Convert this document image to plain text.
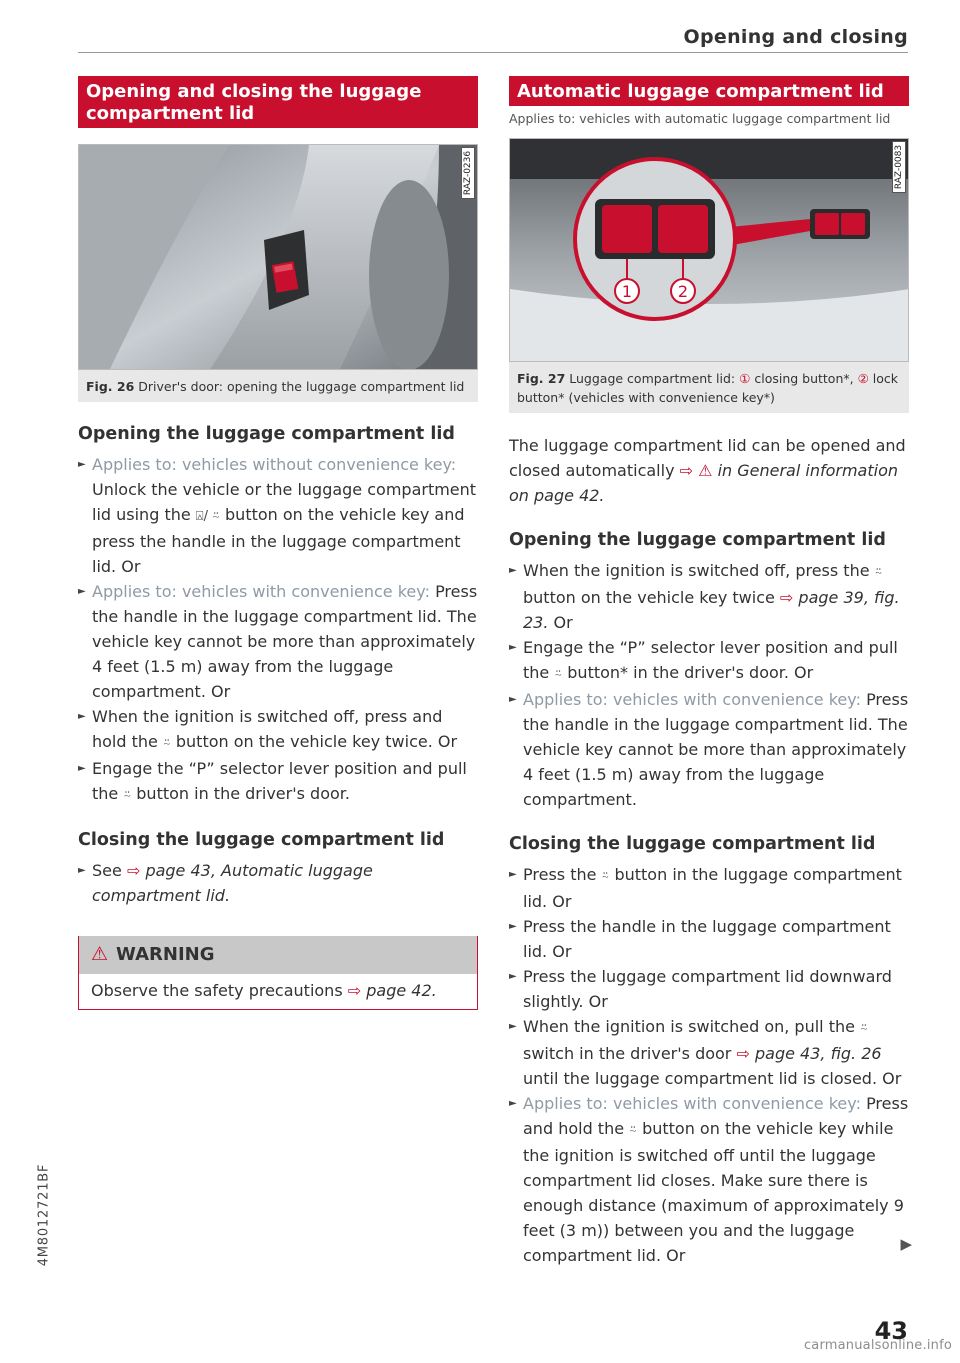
Opening and closing
4M8012721BF
Opening and closing the luggage compartment lid
RAZ-0236
Fig. 26 Driver's door: opening the luggage compartment lid
Opening the luggage compartment lid
► Applies to: vehicles without convenience key: Unlock the vehicle or the luggage compartment lid using the ⍓/ ⍨ button on the vehicle key and press the handle in the luggage compartment lid. Or
► Applies to: vehicles with convenience key: Press the handle in the luggage compartment lid. The vehicle key cannot be more than approximately 4 feet (1.5 m) away from the luggage compartment. Or
► When the ignition is switched off, press and hold the ⍨ button on the vehicle key twice. Or
► Engage the “P” selector lever position and pull the ⍨ button in the driver's door.
Closing the luggage compartment lid
► See ⇨ page 43, Automatic luggage compartment lid.
⚠ WARNING
Observe the safety precautions ⇨ page 42.
Automatic luggage compartment lid
Applies to: vehicles with automatic luggage compartment lid
1	2
RAZ-0083
Fig. 27 Luggage compartment lid: ① closing button*, ② lock button* (vehicles with convenience key*)

The luggage compartment lid can be opened and closed automatically ⇨ ⚠ in General information on page 42.

Opening the luggage compartment lid
► When the ignition is switched off, press the ⍨ button on the vehicle key twice ⇨ page 39, fig. 23. Or
► Engage the “P” selector lever position and pull the ⍨ button* in the driver's door. Or
► Applies to: vehicles with convenience key: Press the handle in the luggage compartment lid. The vehicle key cannot be more than approximately 4 feet (1.5 m) away from the luggage compartment.
Closing the luggage compartment lid
► Press the ⍨ button in the luggage compartment lid. Or
► Press the handle in the luggage compartment lid. Or
► Press the luggage compartment lid downward slightly. Or
► When the ignition is switched on, pull the ⍨ switch in the driver's door ⇨ page 43, fig. 26 until the luggage compartment lid is closed. Or
► Applies to: vehicles with convenience key: Press and hold the ⍨ button on the vehicle key while the ignition is switched off until the luggage compartment lid closes. Make sure there is enough distance (maximum of approximately 9 feet (3 m)) between you and the luggage compartment lid. Or
▶
43
carmanualsonline.info
